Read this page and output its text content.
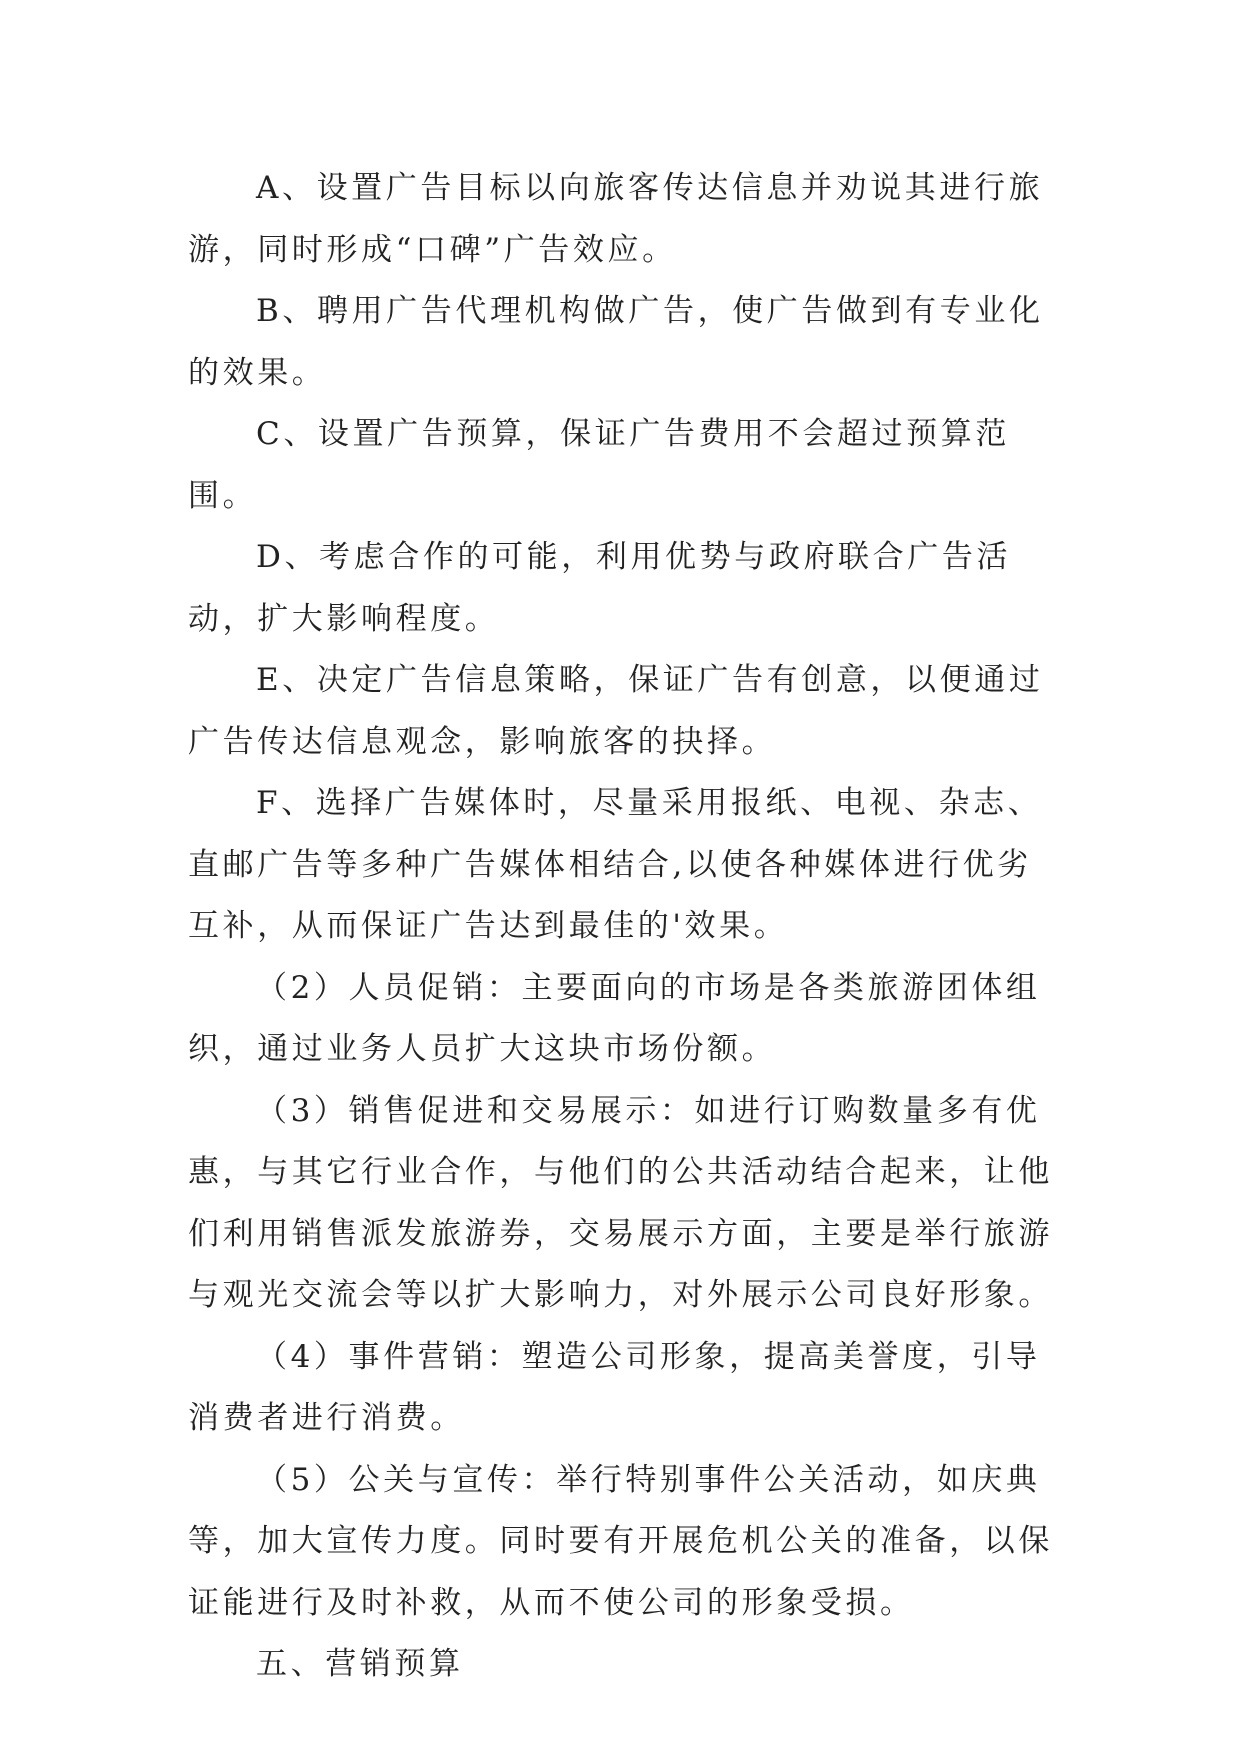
A、设置广告目标以向旅客传达信息并劝说其进行旅游，同时形成“口碑”广告效应。

B、聘用广告代理机构做广告，使广告做到有专业化的效果。

C、设置广告预算，保证广告费用不会超过预算范围。

D、考虑合作的可能，利用优势与政府联合广告活动，扩大影响程度。

E、决定广告信息策略，保证广告有创意，以便通过广告传达信息观念，影响旅客的抉择。

F、选择广告媒体时，尽量采用报纸、电视、杂志、直邮广告等多种广告媒体相结合,以使各种媒体进行优劣互补，从而保证广告达到最佳的'效果。

（2）人员促销：主要面向的市场是各类旅游团体组织，通过业务人员扩大这块市场份额。

（3）销售促进和交易展示：如进行订购数量多有优惠，与其它行业合作，与他们的公共活动结合起来，让他们利用销售派发旅游券，交易展示方面，主要是举行旅游与观光交流会等以扩大影响力，对外展示公司良好形象。

（4）事件营销：塑造公司形象，提高美誉度，引导消费者进行消费。

（5）公关与宣传：举行特别事件公关活动，如庆典等，加大宣传力度。同时要有开展危机公关的准备，以保证能进行及时补救，从而不使公司的形象受损。

五、营销预算
